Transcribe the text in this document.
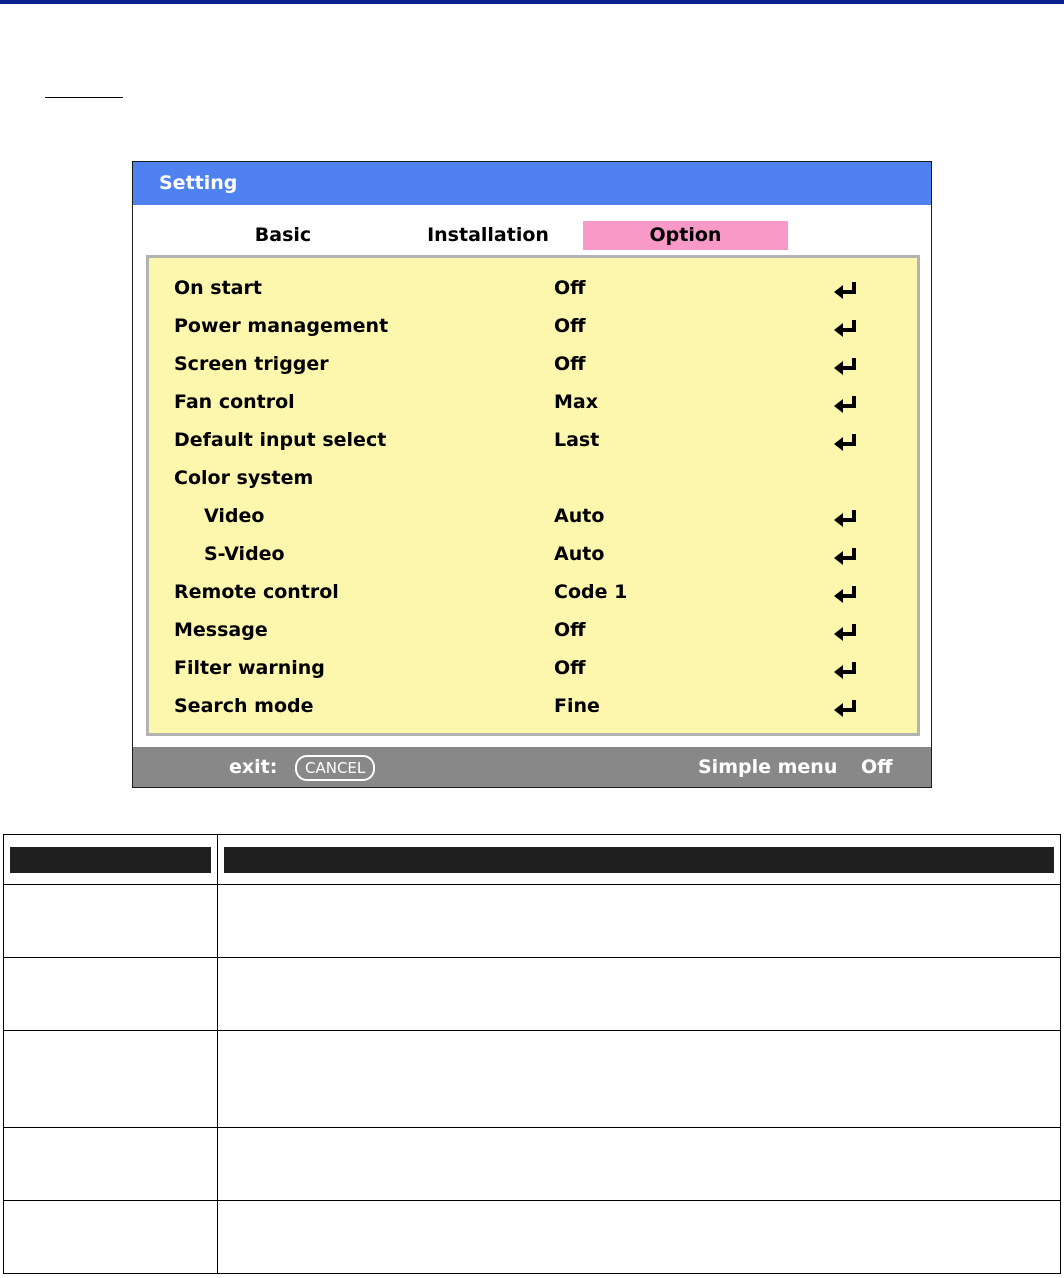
Setting
Basic	Installation	Option
On start	Off
Power management	Off
Screen trigger	Off
Fan control	Max
Default input select	Last
Color system
Video	Auto
S-Video	Auto
Remote control	Code 1
Message	Off
Filter warning	Off
Search mode	Fine
exit:	CANCEL	Simple menu Off
